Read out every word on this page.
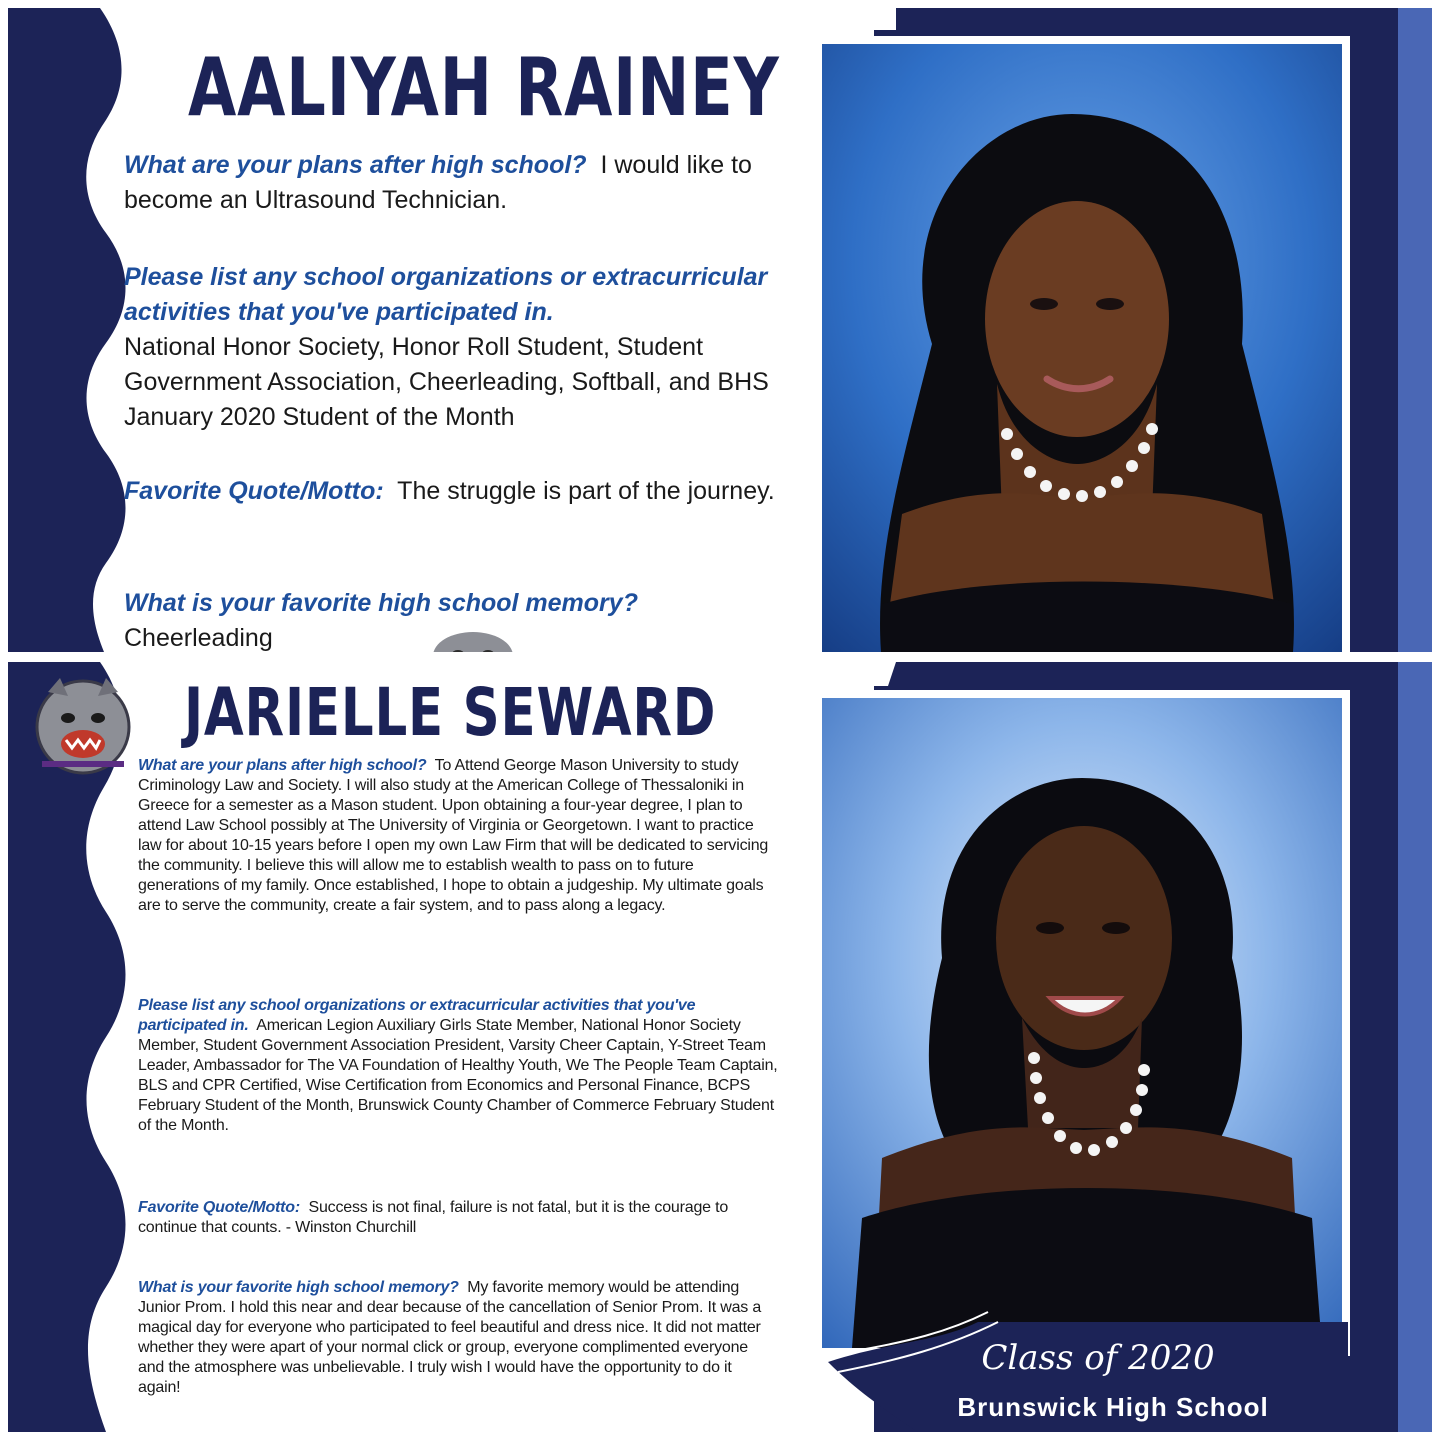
AALIYAH RAINEY

What are your plans after high school? I would like to become an Ultrasound Technician.

Please list any school organizations or extracurricular activities that you've participated in.
National Honor Society, Honor Roll Student, Student Government Association, Cheerleading, Softball, and BHS January 2020 Student of the Month

Favorite Quote/Motto: The struggle is part of the journey.

What is your favorite high school memory?
Cheerleading

Class of 2020
Brunswick High School
JARIELLE SEWARD

What are your plans after high school? To Attend George Mason University to study Criminology Law and Society. I will also study at the American College of Thessaloniki in Greece for a semester as a Mason student. Upon obtaining a four-year degree, I plan to attend Law School possibly at The University of Virginia or Georgetown. I want to practice law for about 10-15 years before I open my own Law Firm that will be dedicated to servicing the community. I believe this will allow me to establish wealth to pass on to future generations of my family. Once established, I hope to obtain a judgeship. My ultimate goals are to serve the community, create a fair system, and to pass along a legacy.

Please list any school organizations or extracurricular activities that you've participated in. American Legion Auxiliary Girls State Member, National Honor Society Member, Student Government Association President, Varsity Cheer Captain, Y-Street Team Leader, Ambassador for The VA Foundation of Healthy Youth, We The People Team Captain, BLS and CPR Certified, Wise Certification from Economics and Personal Finance, BCPS February Student of the Month, Brunswick County Chamber of Commerce February Student of the Month.

Favorite Quote/Motto: Success is not final, failure is not fatal, but it is the courage to continue that counts. - Winston Churchill

What is your favorite high school memory? My favorite memory would be attending Junior Prom. I hold this near and dear because of the cancellation of Senior Prom. It was a magical day for everyone who participated to feel beautiful and dress nice. It did not matter whether they were apart of your normal click or group, everyone complimented everyone and the atmosphere was unbelievable. I truly wish I would have the opportunity to do it again!
